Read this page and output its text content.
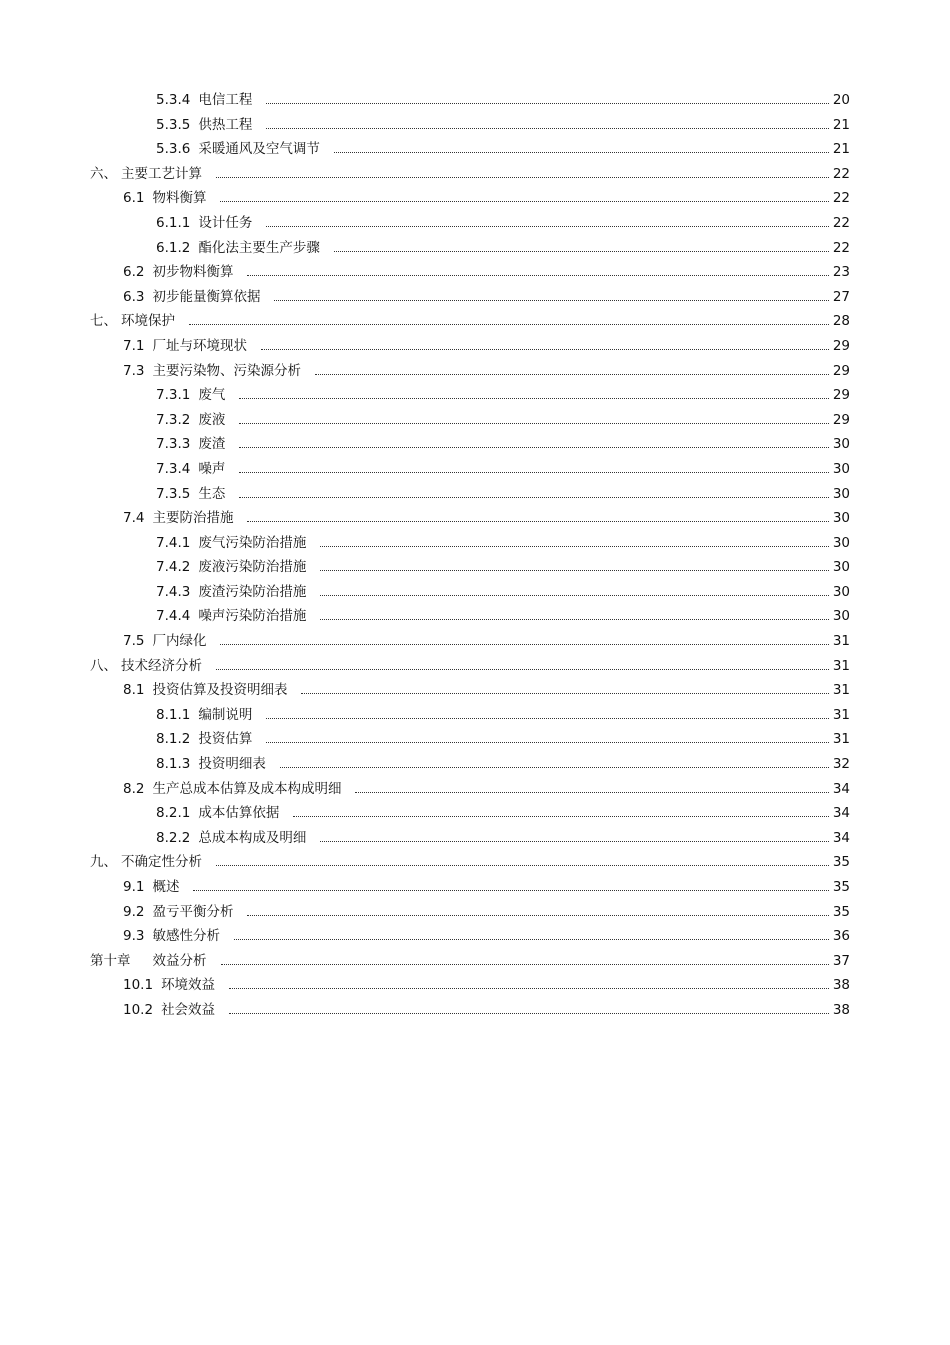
5.3.4 电信工程	20
5.3.5 供热工程	21
5.3.6 采暖通风及空气调节	21
六、 主要工艺计算	22
6.1 物料衡算	22
6.1.1 设计任务	22
6.1.2 酯化法主要生产步骤	22
6.2 初步物料衡算	23
6.3 初步能量衡算依据	27
七、 环境保护	28
7.1 厂址与环境现状	29
7.3 主要污染物、污染源分析	29
7.3.1 废气	29
7.3.2 废液	29
7.3.3 废渣	30
7.3.4 噪声	30
7.3.5 生态	30
7.4 主要防治措施	30
7.4.1 废气污染防治措施	30
7.4.2 废液污染防治措施	30
7.4.3 废渣污染防治措施	30
7.4.4 噪声污染防治措施	30
7.5 厂内绿化	31
八、 技术经济分析	31
8.1 投资估算及投资明细表	31
8.1.1 编制说明	31
8.1.2 投资估算	31
8.1.3 投资明细表	32
8.2 生产总成本估算及成本构成明细	34
8.2.1 成本估算依据	34
8.2.2 总成本构成及明细	34
九、 不确定性分析	35
9.1 概述	35
9.2 盈亏平衡分析	35
9.3 敏感性分析	36
第十章 效益分析	37
10.1 环境效益	38
10.2 社会效益	38
